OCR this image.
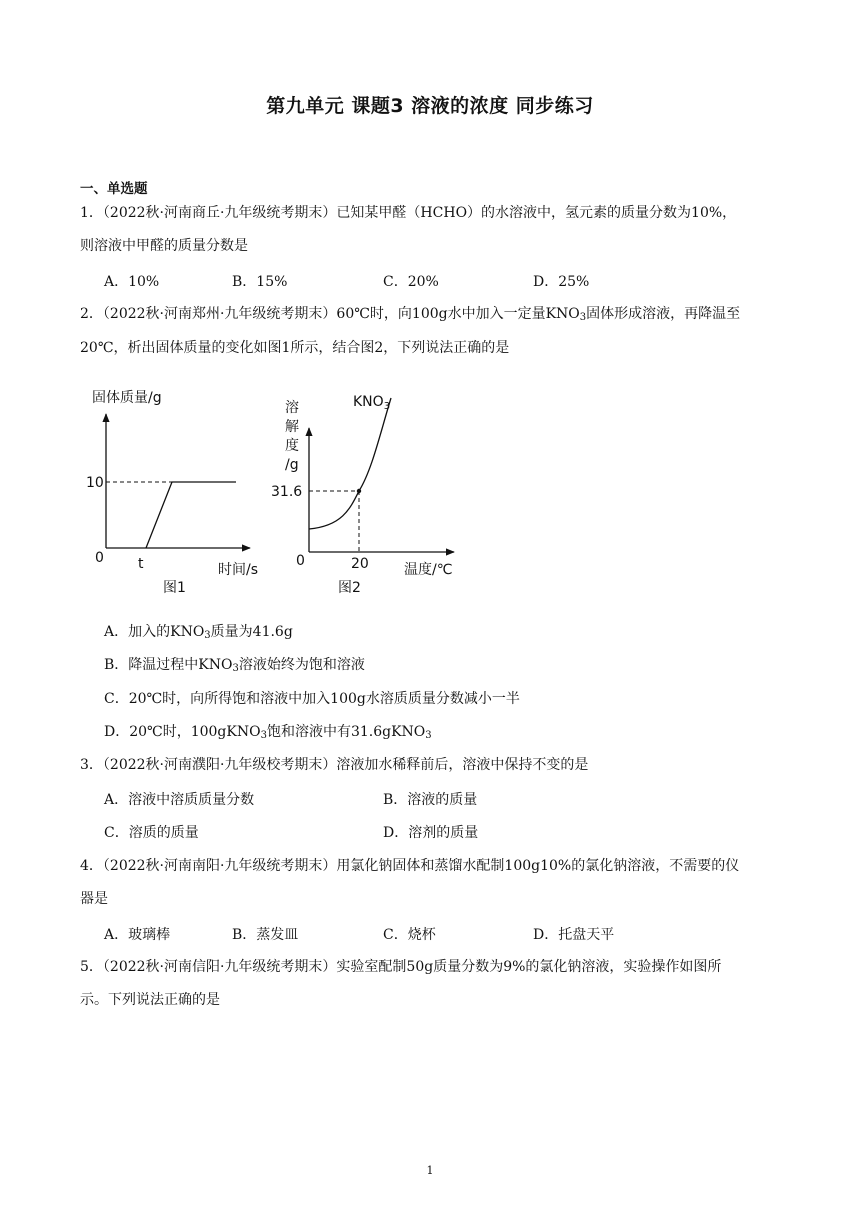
第九单元 课题3 溶液的浓度 同步练习
一、单选题
1．（2022秋·河南商丘·九年级统考期末）已知某甲醛（HCHO）的水溶液中，氢元素的质量分数为10%，
则溶液中甲醛的质量分数是
A．10%	B．15%	C．20%	D．25%
2．（2022秋·河南郑州·九年级统考期末）60℃时，向100g水中加入一定量$KNO_3$固体形成溶液，再降温至
20℃，析出固体质量的变化如图1所示，结合图2，下列说法正确的是
固体质量/g
10
0 t	时间/s
图1
溶
解
度
/g
$KNO_3$
31.6
0	20	温度/℃
图2
A．加入的$KNO_3$质量为41.6g
B．降温过程中$KNO_3$溶液始终为饱和溶液
C．20℃时，向所得饱和溶液中加入100g水溶质质量分数减小一半
D．20℃时，100gKNO$_3$饱和溶液中有31.6gKNO$_3$
3．（2022秋·河南濮阳·九年级校考期末）溶液加水稀释前后，溶液中保持不变的是
A．溶液中溶质质量分数	B．溶液的质量
C．溶质的质量	D．溶剂的质量
4．（2022秋·河南南阳·九年级统考期末）用氯化钠固体和蒸馏水配制100g10%的氯化钠溶液，不需要的仪
器是
A．玻璃棒	B．蒸发皿	C．烧杯	D．托盘天平
5．（2022秋·河南信阳·九年级统考期末）实验室配制50g质量分数为9%的氯化钠溶液，实验操作如图所
示。下列说法正确的是
1
